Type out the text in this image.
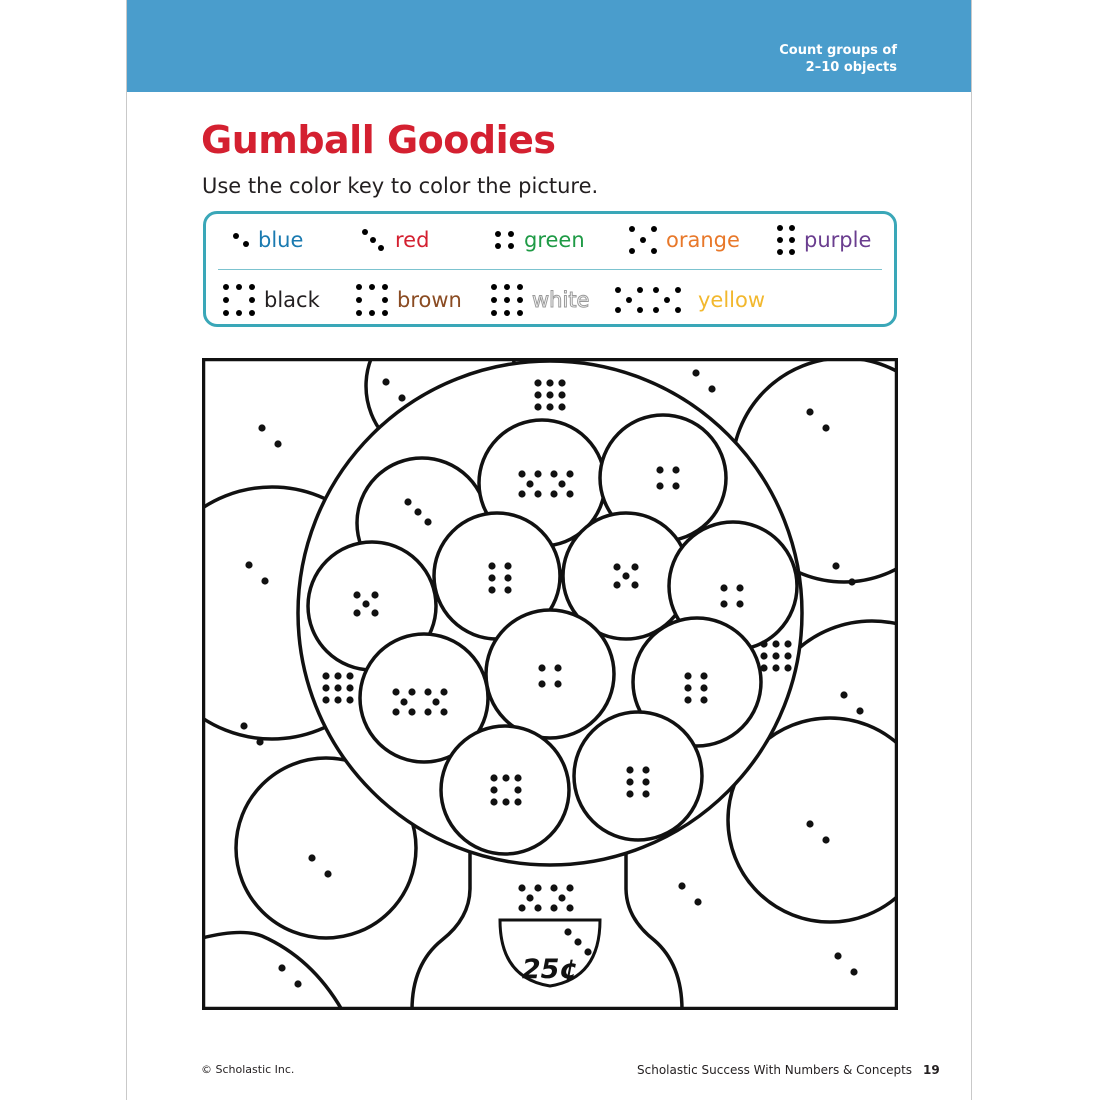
Count groups of
2–10 objects
Gumball Goodies

Use the color key to color the picture.

blue	red	green	orange	purple
black	brown	white	yellow
25¢
© Scholastic Inc.	Scholastic Success With Numbers & Concepts 19
